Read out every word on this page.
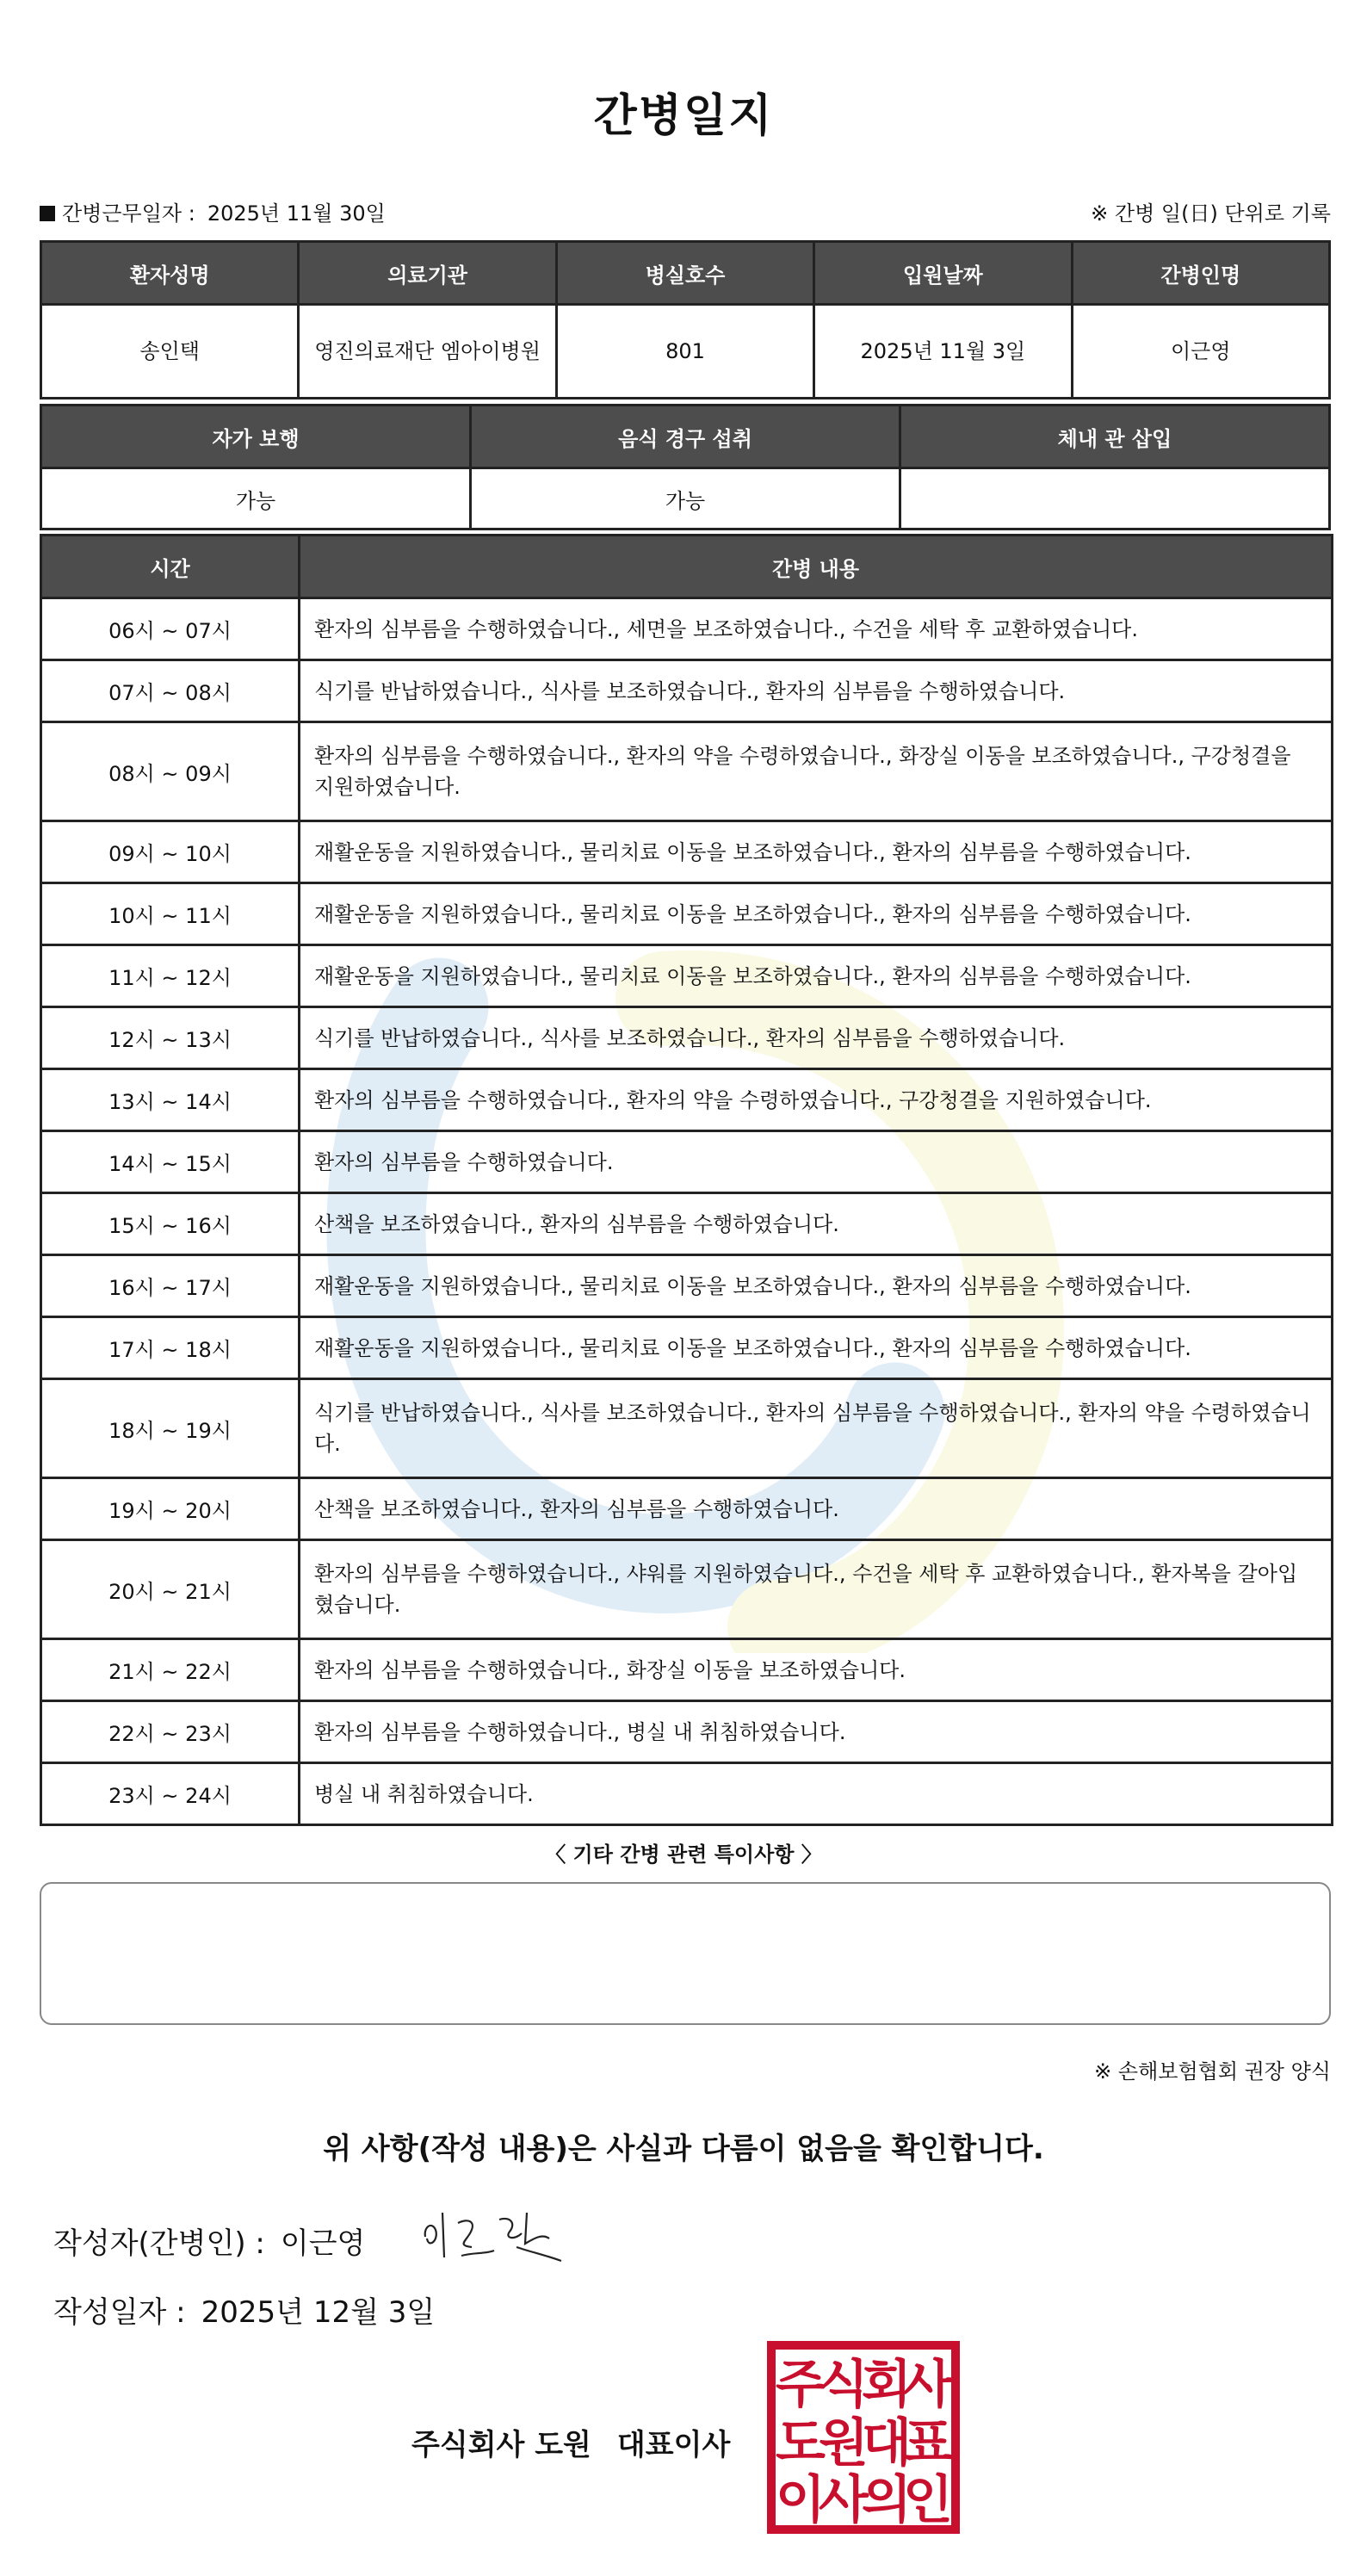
간병일지
간병근무일자 : 2025년 11월 30일	※ 간병 일(日) 단위로 기록
환자성명	의료기관	병실호수	입원날짜	간병인명
송인택	영진의료재단 엠아이병원	801	2025년 11월 3일	이근영
자가 보행	음식 경구 섭취	체내 관 삽입
가능	가능	
시간	간병 내용
06시 ~ 07시	환자의 심부름을 수행하였습니다., 세면을 보조하였습니다., 수건을 세탁 후 교환하였습니다.
07시 ~ 08시	식기를 반납하였습니다., 식사를 보조하였습니다., 환자의 심부름을 수행하였습니다.
08시 ~ 09시	환자의 심부름을 수행하였습니다., 환자의 약을 수령하였습니다., 화장실 이동을 보조하였습니다., 구강청결을 지원하였습니다.
09시 ~ 10시	재활운동을 지원하였습니다., 물리치료 이동을 보조하였습니다., 환자의 심부름을 수행하였습니다.
10시 ~ 11시	재활운동을 지원하였습니다., 물리치료 이동을 보조하였습니다., 환자의 심부름을 수행하였습니다.
11시 ~ 12시	재활운동을 지원하였습니다., 물리치료 이동을 보조하였습니다., 환자의 심부름을 수행하였습니다.
12시 ~ 13시	식기를 반납하였습니다., 식사를 보조하였습니다., 환자의 심부름을 수행하였습니다.
13시 ~ 14시	환자의 심부름을 수행하였습니다., 환자의 약을 수령하였습니다., 구강청결을 지원하였습니다.
14시 ~ 15시	환자의 심부름을 수행하였습니다.
15시 ~ 16시	산책을 보조하였습니다., 환자의 심부름을 수행하였습니다.
16시 ~ 17시	재활운동을 지원하였습니다., 물리치료 이동을 보조하였습니다., 환자의 심부름을 수행하였습니다.
17시 ~ 18시	재활운동을 지원하였습니다., 물리치료 이동을 보조하였습니다., 환자의 심부름을 수행하였습니다.
18시 ~ 19시	식기를 반납하였습니다., 식사를 보조하였습니다., 환자의 심부름을 수행하였습니다., 환자의 약을 수령하였습니다.
19시 ~ 20시	산책을 보조하였습니다., 환자의 심부름을 수행하였습니다.
20시 ~ 21시	환자의 심부름을 수행하였습니다., 샤워를 지원하였습니다., 수건을 세탁 후 교환하였습니다., 환자복을 갈아입혔습니다.
21시 ~ 22시	환자의 심부름을 수행하였습니다., 화장실 이동을 보조하였습니다.
22시 ~ 23시	환자의 심부름을 수행하였습니다., 병실 내 취침하였습니다.
23시 ~ 24시	병실 내 취침하였습니다.
〈 기타 간병 관련 특이사항 〉
※ 손해보험협회 권장 양식
위 사항(작성 내용)은 사실과 다름이 없음을 확인합니다.
작성자(간병인) : 이근영
작성일자 : 2025년 12월 3일
주식회사 도원 대표이사
주
식
회
사
도
원
대
표
이
사
의
인
